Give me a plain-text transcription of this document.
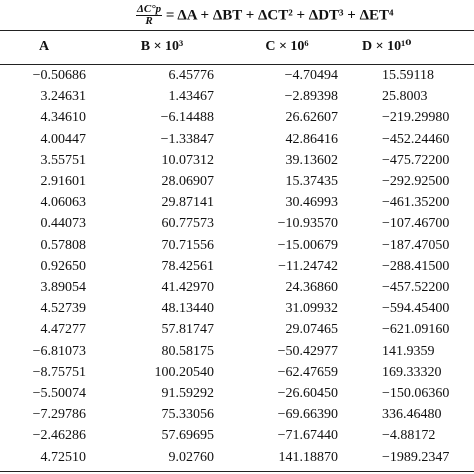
$\frac{\Delta C^\circ p}{R} = \Delta A + \Delta BT + \Delta CT^2 + \Delta DT^3 + \Delta ET^4$
A	B × 10³	C × 10⁶	D × 10¹⁰
−0.50686	6.45776	−4.70494	15.59118
3.24631	1.43467	−2.89398	25.8003
4.34610	−6.14488	26.62607	−219.29980
4.00447	−1.33847	42.86416	−452.24460
3.55751	10.07312	39.13602	−475.72200
2.91601	28.06907	15.37435	−292.92500
4.06063	29.87141	30.46993	−461.35200
0.44073	60.77573	−10.93570	−107.46700
0.57808	70.71556	−15.00679	−187.47050
0.92650	78.42561	−11.24742	−288.41500
3.89054	41.42970	24.36860	−457.52200
4.52739	48.13440	31.09932	−594.45400
4.47277	57.81747	29.07465	−621.09160
−6.81073	80.58175	−50.42977	141.9359
−8.75751	100.20540	−62.47659	169.33320
−5.50074	91.59292	−26.60450	−150.06360
−7.29786	75.33056	−69.66390	336.46480
−2.46286	57.69695	−71.67440	−4.88172
4.72510	9.02760	141.18870	−1989.2347
